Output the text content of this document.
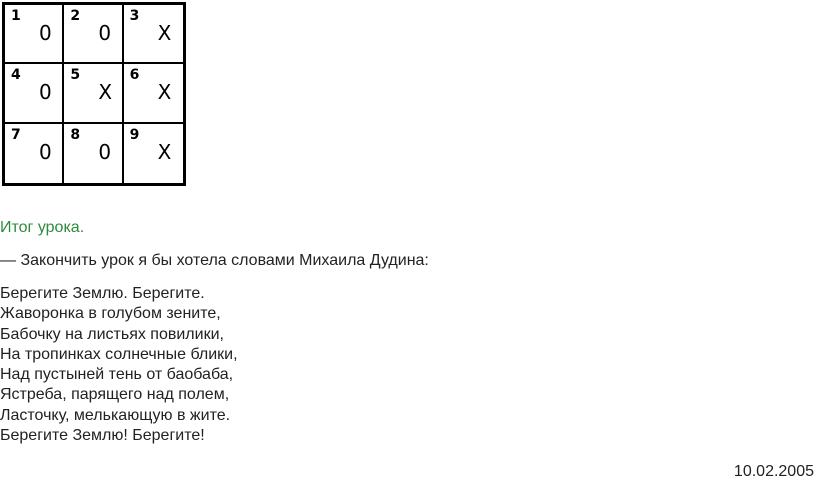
1
0
2
0
3
X
4
0
5
X
6
X
7
0
8
0
9
X
Итог урока.
— Закончить урок я бы хотела словами Михаила Дудина:
Берегите Землю. Берегите.
Жаворонка в голубом зените,
Бабочку на листьях повилики,
На тропинках солнечные блики,
Над пустыней тень от баобаба,
Ястреба, парящего над полем,
Ласточку, мелькающую в жите.
Берегите Землю! Берегите!
10.02.2005
